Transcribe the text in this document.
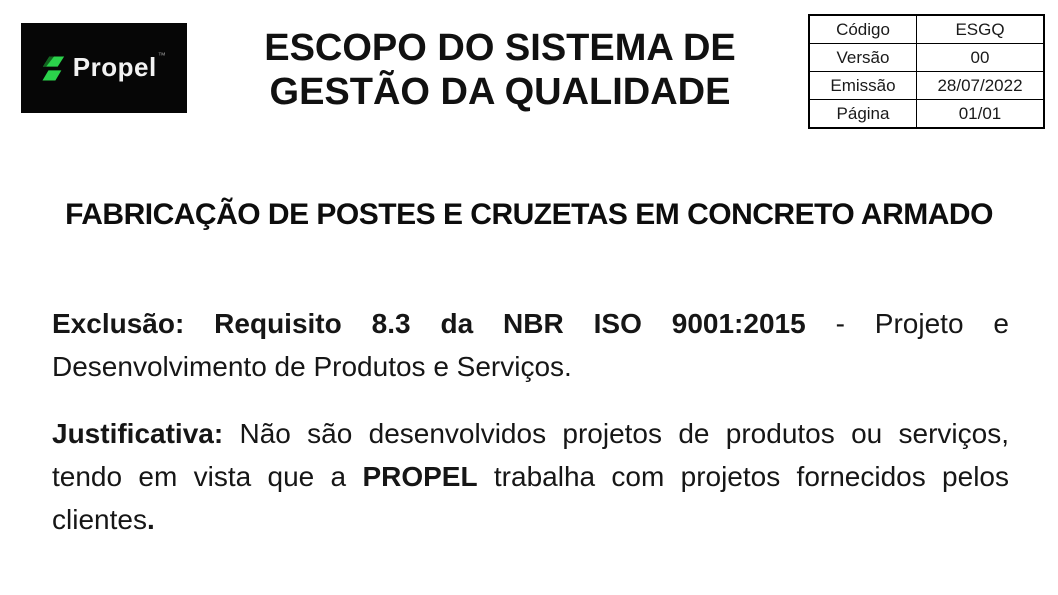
Propel™	ESCOPO DO SISTEMA DE
GESTÃO DA QUALIDADE
Código	ESGQ
Versão	00
Emissão	28/07/2022
Página	01/01
FABRICAÇÃO DE POSTES E CRUZETAS EM CONCRETO ARMADO
Exclusão: Requisito 8.3 da NBR ISO 9001:2015 - Projeto e
Desenvolvimento de Produtos e Serviços.
Justificativa: Não são desenvolvidos projetos de produtos ou serviços,
tendo em vista que a PROPEL trabalha com projetos fornecidos pelos
clientes.
